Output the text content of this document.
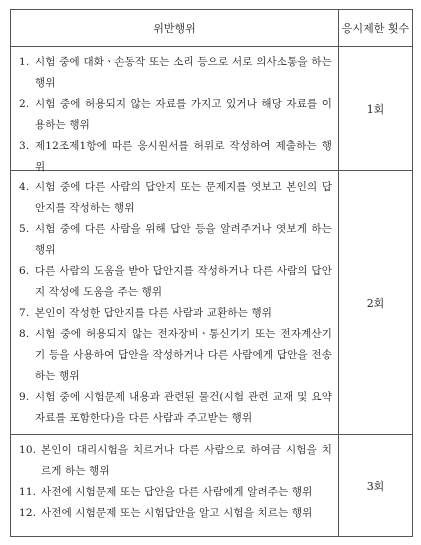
위반행위	응시제한 횟수
1. 시험 중에 대화ㆍ손동작 또는 소리 등으로 서로 의사소통을 하는 행위
2. 시험 중에 허용되지 않는 자료를 가지고 있거나 해당 자료를 이용하는 행위
3. 제12조제1항에 따른 응시원서를 허위로 작성하여 제출하는 행위
1회
4. 시험 중에 다른 사람의 답안지 또는 문제지를 엿보고 본인의 답안지를 작성하는 행위
5. 시험 중에 다른 사람을 위해 답안 등을 알려주거나 엿보게 하는 행위
6. 다른 사람의 도움을 받아 답안지를 작성하거나 다른 사람의 답안지 작성에 도움을 주는 행위
7. 본인이 작성한 답안지를 다른 사람과 교환하는 행위
8. 시험 중에 허용되지 않는 전자장비ㆍ통신기기 또는 전자계산기기 등을 사용하여 답안을 작성하거나 다른 사람에게 답안을 전송하는 행위
9. 시험 중에 시험문제 내용과 관련된 물건(시험 관련 교재 및 요약자료를 포함한다)을 다른 사람과 주고받는 행위
2회
10. 본인이 대리시험을 치르거나 다른 사람으로 하여금 시험을 치르게 하는 행위
11. 사전에 시험문제 또는 답안을 다른 사람에게 알려주는 행위
12. 사전에 시험문제 또는 시험답안을 알고 시험을 치르는 행위
3회
